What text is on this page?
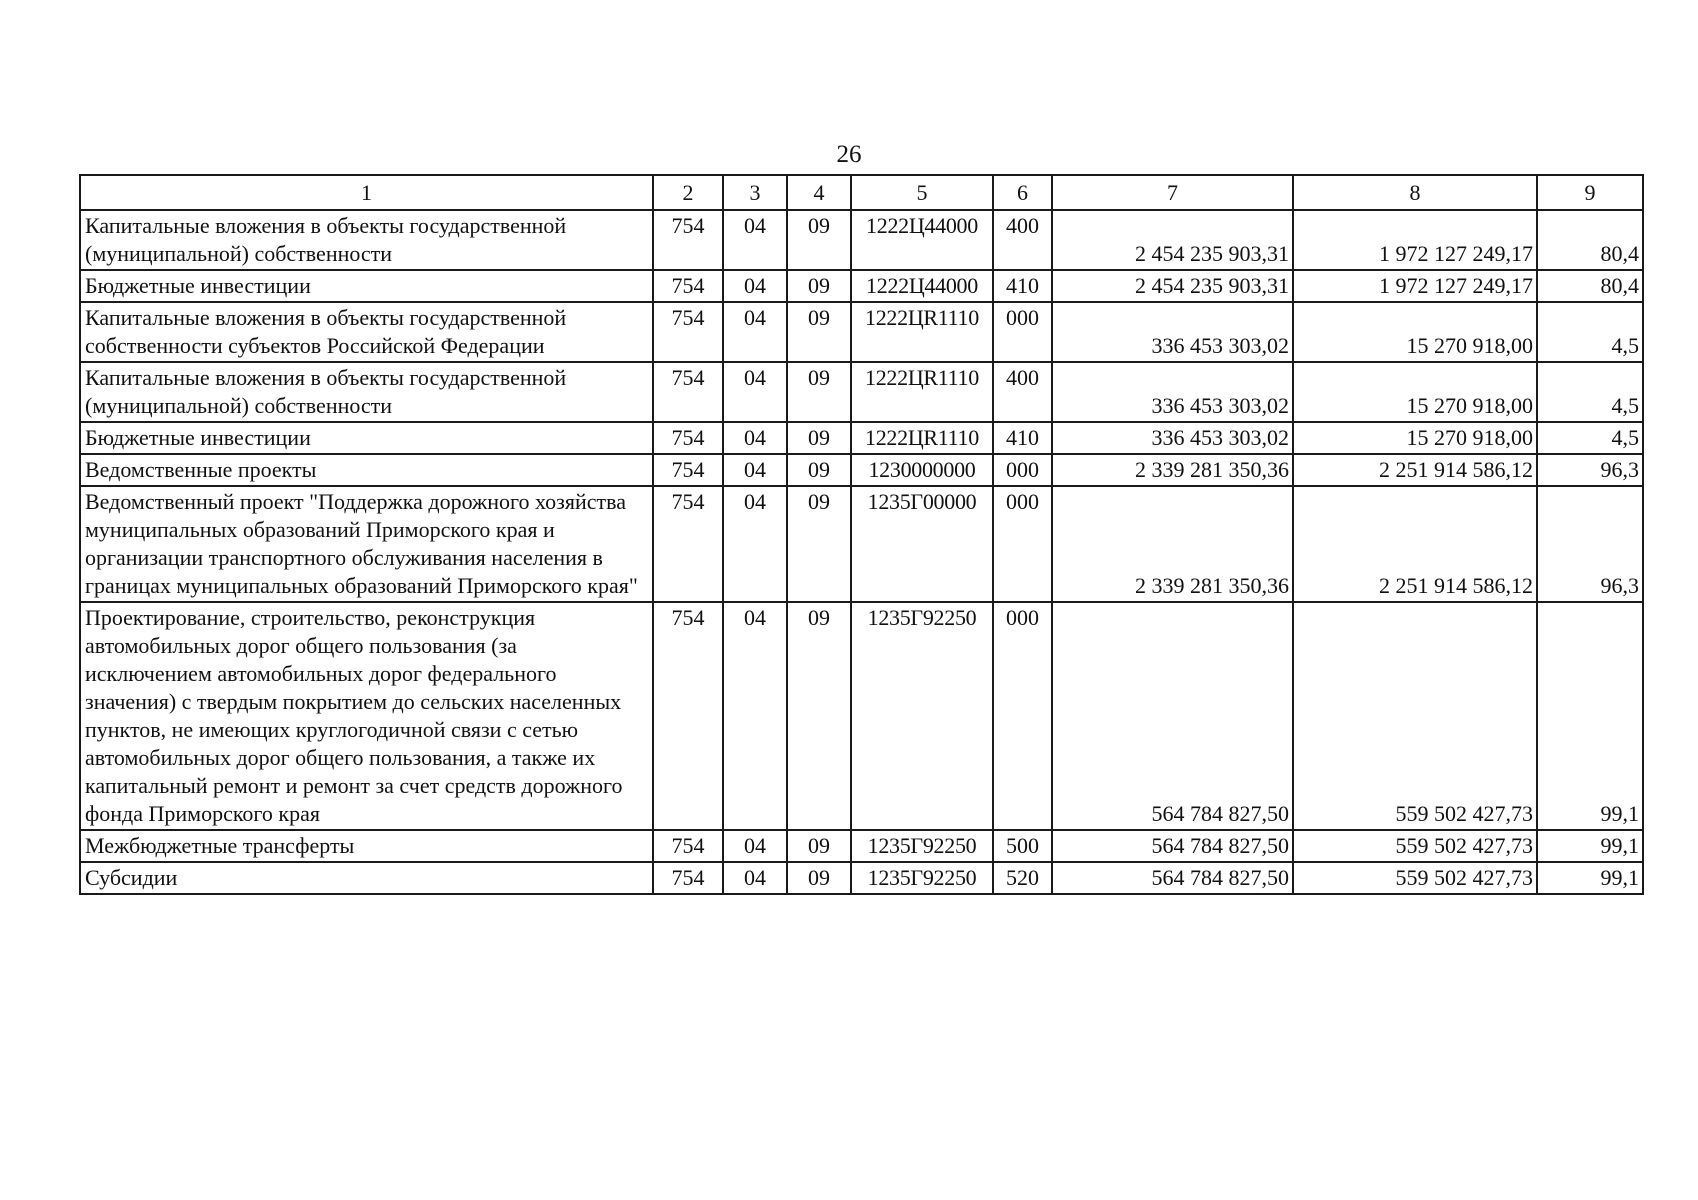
26
1	2	3	4	5	6	7	8	9
Капитальные вложения в объекты государственной (муниципальной) собственности	754	04	09	1222Ц44000	400	2 454 235 903,31	1 972 127 249,17	80,4
Бюджетные инвестиции	754	04	09	1222Ц44000	410	2 454 235 903,31	1 972 127 249,17	80,4
Капитальные вложения в объекты государственной собственности субъектов Российской Федерации	754	04	09	1222ЦR1110	000	336 453 303,02	15 270 918,00	4,5
Капитальные вложения в объекты государственной (муниципальной) собственности	754	04	09	1222ЦR1110	400	336 453 303,02	15 270 918,00	4,5
Бюджетные инвестиции	754	04	09	1222ЦR1110	410	336 453 303,02	15 270 918,00	4,5
Ведомственные проекты	754	04	09	1230000000	000	2 339 281 350,36	2 251 914 586,12	96,3
Ведомственный проект "Поддержка дорожного хозяйства муниципальных образований Приморского края и организации транспортного обслуживания населения в границах муниципальных образований Приморского края"	754	04	09	1235Г00000	000	2 339 281 350,36	2 251 914 586,12	96,3
Проектирование, строительство, реконструкция автомобильных дорог общего пользования (за исключением автомобильных дорог федерального значения) с твердым покрытием до сельских населенных пунктов, не имеющих круглогодичной связи с сетью автомобильных дорог общего пользования, а также их капитальный ремонт и ремонт за счет средств дорожного фонда Приморского края	754	04	09	1235Г92250	000	564 784 827,50	559 502 427,73	99,1
Межбюджетные трансферты	754	04	09	1235Г92250	500	564 784 827,50	559 502 427,73	99,1
Субсидии	754	04	09	1235Г92250	520	564 784 827,50	559 502 427,73	99,1
